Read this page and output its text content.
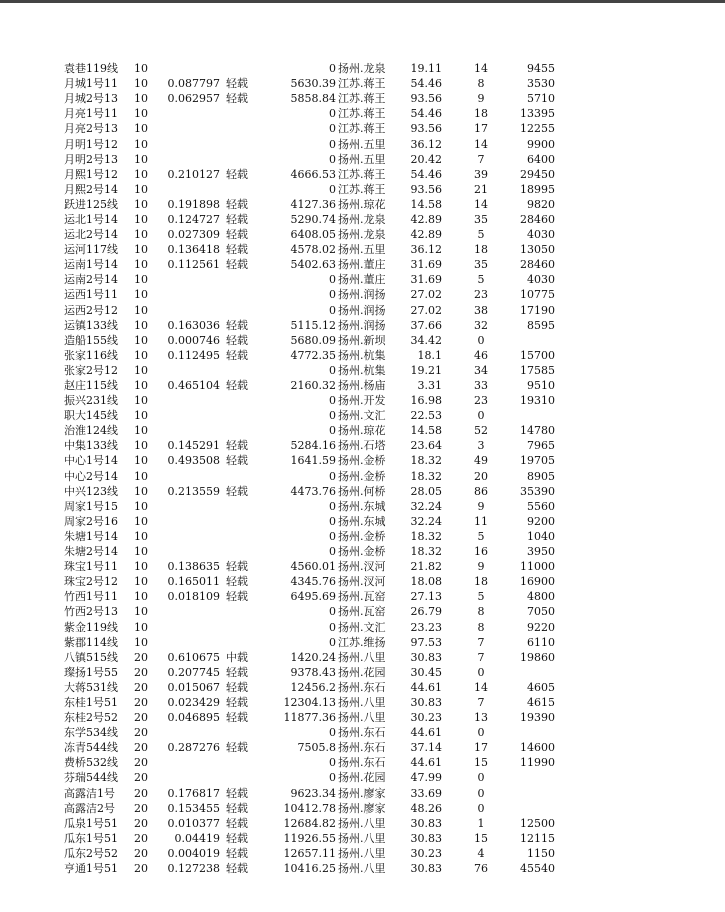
袁巷119线	10			0	扬州.龙泉	19.11	14	9455
月城1号11	10	0.087797	轻载	5630.39	江苏.蒋王	54.46	8	3530
月城2号13	10	0.062957	轻载	5858.84	江苏.蒋王	93.56	9	5710
月亮1号11	10			0	江苏.蒋王	54.46	18	13395
月亮2号13	10			0	江苏.蒋王	93.56	17	12255
月明1号12	10			0	扬州.五里	36.12	14	9900
月明2号13	10			0	扬州.五里	20.42	7	6400
月熙1号12	10	0.210127	轻载	4666.53	江苏.蒋王	54.46	39	29450
月熙2号14	10			0	江苏.蒋王	93.56	21	18995
跃进125线	10	0.191898	轻载	4127.36	扬州.琼花	14.58	14	9820
运北1号14	10	0.124727	轻载	5290.74	扬州.龙泉	42.89	35	28460
运北2号14	10	0.027309	轻载	6408.05	扬州.龙泉	42.89	5	4030
运河117线	10	0.136418	轻载	4578.02	扬州.五里	36.12	18	13050
运南1号14	10	0.112561	轻载	5402.63	扬州.董庄	31.69	35	28460
运南2号14	10			0	扬州.董庄	31.69	5	4030
运西1号11	10			0	扬州.润扬	27.02	23	10775
运西2号12	10			0	扬州.润扬	27.02	38	17190
运镇133线	10	0.163036	轻载	5115.12	扬州.润扬	37.66	32	8595
造船155线	10	0.000746	轻载	5680.09	扬州.新坝	34.42	0	
张家116线	10	0.112495	轻载	4772.35	扬州.杭集	18.1	46	15700
张家2号12	10			0	扬州.杭集	19.21	34	17585
赵庄115线	10	0.465104	轻载	2160.32	扬州.杨庙	3.31	33	9510
振兴231线	10			0	扬州.开发	16.98	23	19310
职大145线	10			0	扬州.文汇	22.53	0	
治淮124线	10			0	扬州.琼花	14.58	52	14780
中集133线	10	0.145291	轻载	5284.16	扬州.石塔	23.64	3	7965
中心1号14	10	0.493508	轻载	1641.59	扬州.金桥	18.32	49	19705
中心2号14	10			0	扬州.金桥	18.32	20	8905
中兴123线	10	0.213559	轻载	4473.76	扬州.何桥	28.05	86	35390
周家1号15	10			0	扬州.东城	32.24	9	5560
周家2号16	10			0	扬州.东城	32.24	11	9200
朱塘1号14	10			0	扬州.金桥	18.32	5	1040
朱塘2号14	10			0	扬州.金桥	18.32	16	3950
珠宝1号11	10	0.138635	轻载	4560.01	扬州.汊河	21.82	9	11000
珠宝2号12	10	0.165011	轻载	4345.76	扬州.汊河	18.08	18	16900
竹西1号11	10	0.018109	轻载	6495.69	扬州.瓦窑	27.13	5	4800
竹西2号13	10			0	扬州.瓦窑	26.79	8	7050
紫金119线	10			0	扬州.文汇	23.23	8	9220
紫郡114线	10			0	江苏.维扬	97.53	7	6110
八镇515线	20	0.610675	中载	1420.24	扬州.八里	30.83	7	19860
璨扬1号55	20	0.207745	轻载	9378.43	扬州.花园	30.45	0	
大蒋531线	20	0.015067	轻载	12456.2	扬州.东石	44.61	14	4605
东桂1号51	20	0.023429	轻载	12304.13	扬州.八里	30.83	7	4615
东桂2号52	20	0.046895	轻载	11877.36	扬州.八里	30.23	13	19390
东学534线	20			0	扬州.东石	44.61	0	
冻青544线	20	0.287276	轻载	7505.8	扬州.东石	37.14	17	14600
费桥532线	20			0	扬州.东石	44.61	15	11990
芬瑞544线	20			0	扬州.花园	47.99	0	
高露洁1号	20	0.176817	轻载	9623.34	扬州.廖家	33.69	0	
高露洁2号	20	0.153455	轻载	10412.78	扬州.廖家	48.26	0	
瓜泉1号51	20	0.010377	轻载	12684.82	扬州.八里	30.83	1	12500
瓜东1号51	20	0.04419	轻载	11926.55	扬州.八里	30.83	15	12115
瓜东2号52	20	0.004019	轻载	12657.11	扬州.八里	30.23	4	1150
亨通1号51	20	0.127238	轻载	10416.25	扬州.八里	30.83	76	45540
